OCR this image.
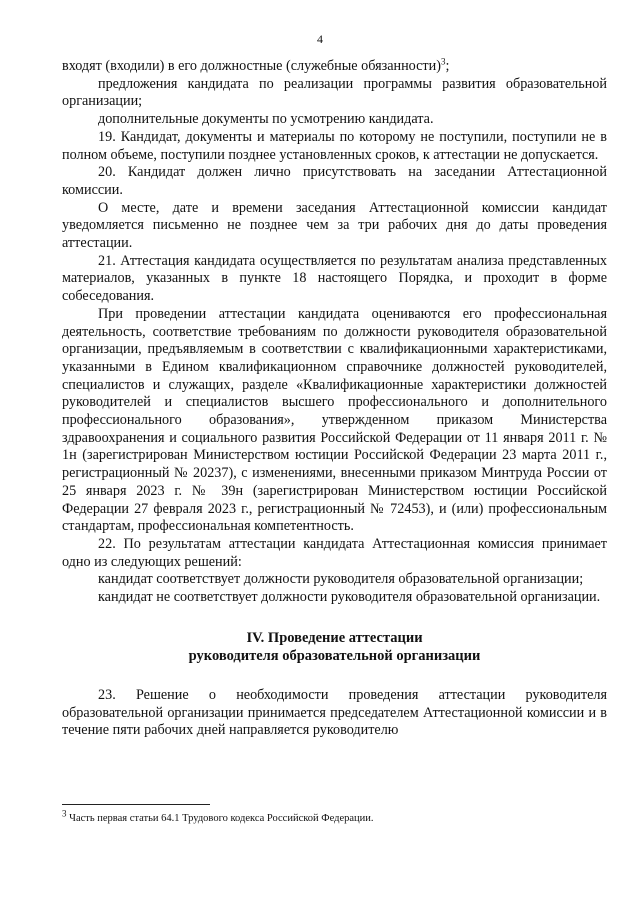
4

входят (входили) в его должностные (служебные обязанности)$^3$;

предложения кандидата по реализации программы развития образовательной организации;

дополнительные документы по усмотрению кандидата.

19. Кандидат, документы и материалы по которому не поступили, поступили не в полном объеме, поступили позднее установленных сроков, к аттестации не допускается.

20. Кандидат должен лично присутствовать на заседании Аттестационной комиссии.

О месте, дате и времени заседания Аттестационной комиссии кандидат уведомляется письменно не позднее чем за три рабочих дня до даты проведения аттестации.

21. Аттестация кандидата осуществляется по результатам анализа представленных материалов, указанных в пункте 18 настоящего Порядка, и проходит в форме собеседования.

При проведении аттестации кандидата оцениваются его профессиональная деятельность, соответствие требованиям по должности руководителя образовательной организации, предъявляемым в соответствии с квалификационными характеристиками, указанными в Едином квалификационном справочнике должностей руководителей, специалистов и служащих, разделе «Квалификационные характеристики должностей руководителей и специалистов высшего профессионального и дополнительного профессионального образования», утвержденном приказом Министерства здравоохранения и социального развития Российской Федерации от 11 января 2011 г. № 1н (зарегистрирован Министерством юстиции Российской Федерации 23 марта 2011 г., регистрационный № 20237), с изменениями, внесенными приказом Минтруда России от 25 января 2023 г. № 39н (зарегистрирован Министерством юстиции Российской Федерации 27 февраля 2023 г., регистрационный № 72453), и (или) профессиональным стандартам, профессиональная компетентность.

22. По результатам аттестации кандидата Аттестационная комиссия принимает одно из следующих решений:

кандидат соответствует должности руководителя образовательной организации;

кандидат не соответствует должности руководителя образовательной организации.

IV. Проведение аттестации
руководителя образовательной организации

23. Решение о необходимости проведения аттестации руководителя образовательной организации принимается председателем Аттестационной комиссии и в течение пяти рабочих дней направляется руководителю

$^3$ Часть первая статьи 64.1 Трудового кодекса Российской Федерации.
